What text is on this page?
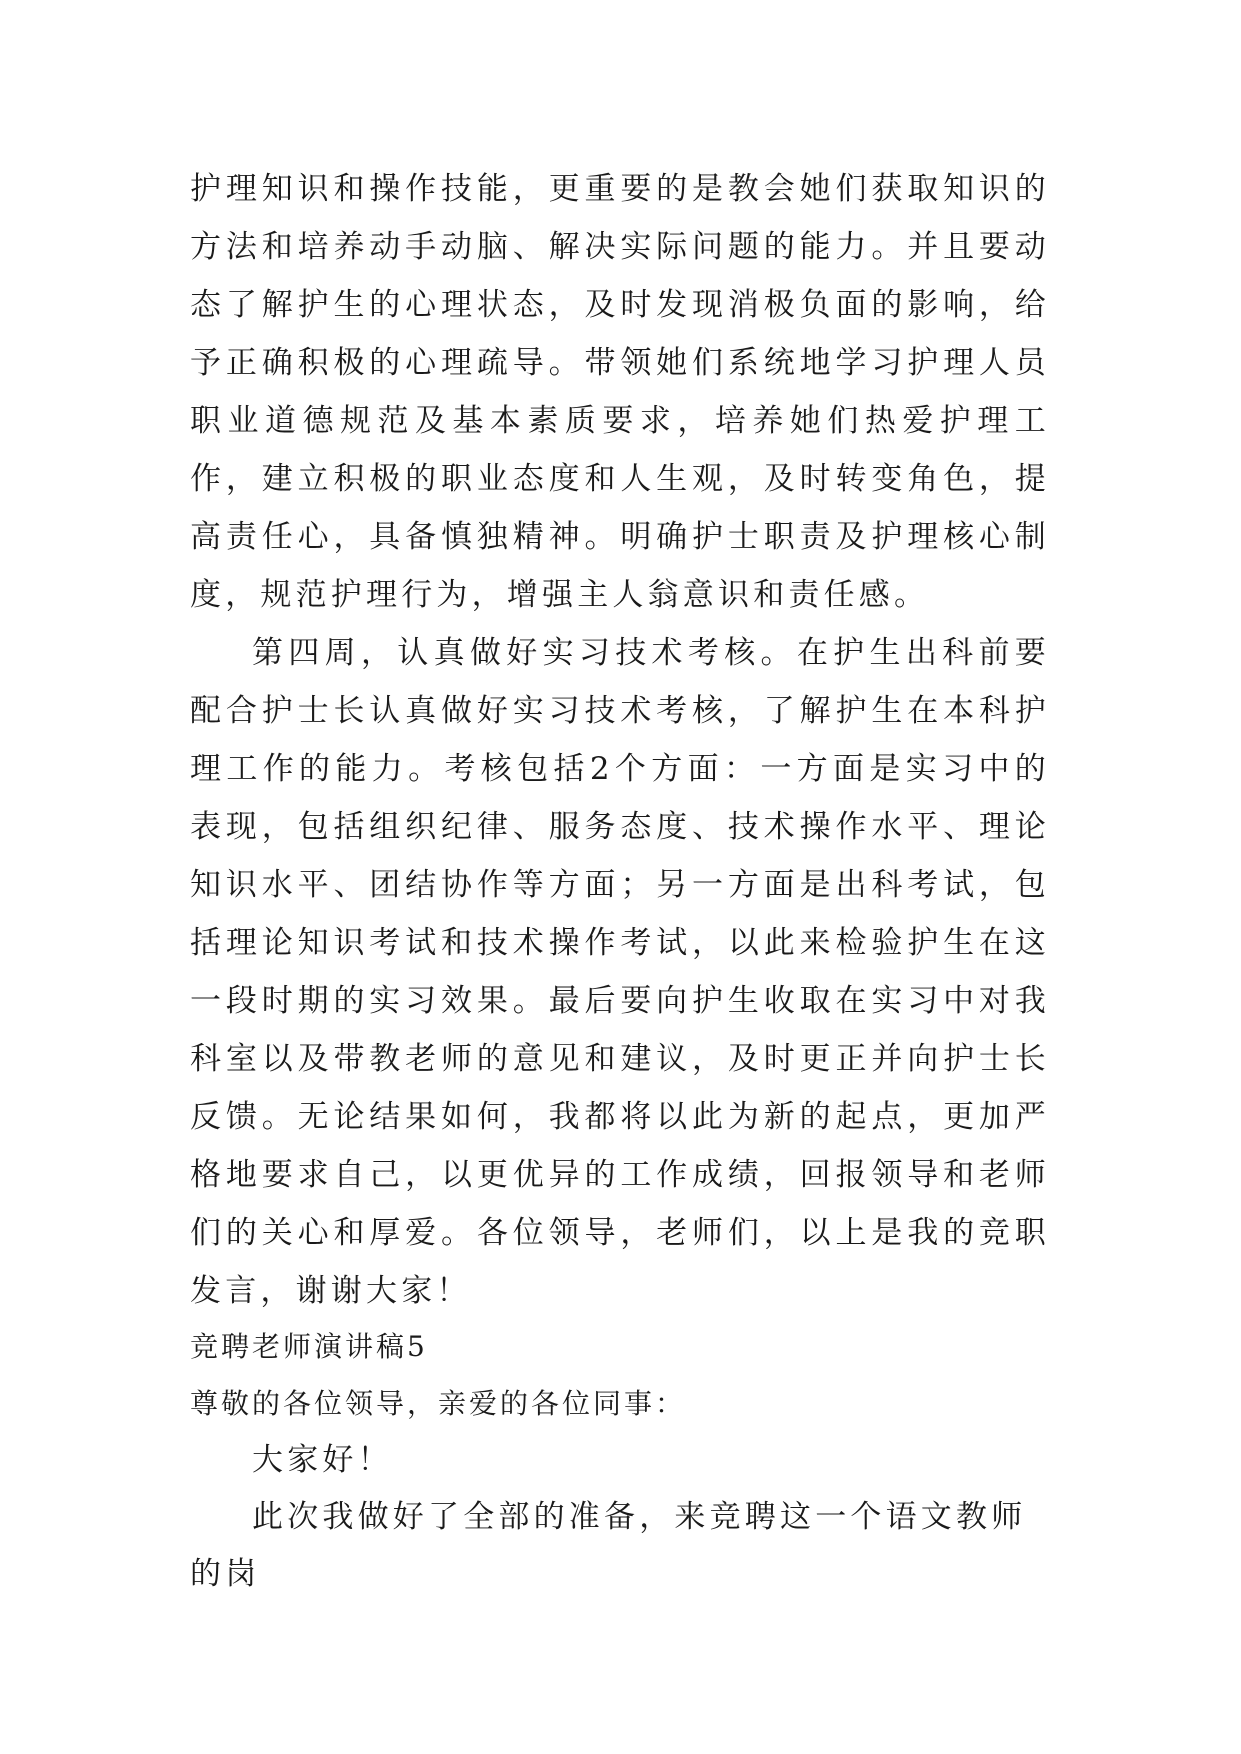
护理知识和操作技能，更重要的是教会她们获取知识的方法和培养动手动脑、解决实际问题的能力。并且要动态了解护生的心理状态，及时发现消极负面的影响，给予正确积极的心理疏导。带领她们系统地学习护理人员职业道德规范及基本素质要求，培养她们热爱护理工作，建立积极的职业态度和人生观，及时转变角色，提高责任心，具备慎独精神。明确护士职责及护理核心制度，规范护理行为，增强主人翁意识和责任感。

第四周，认真做好实习技术考核。在护生出科前要配合护士长认真做好实习技术考核，了解护生在本科护理工作的能力。考核包括2个方面：一方面是实习中的表现，包括组织纪律、服务态度、技术操作水平、理论知识水平、团结协作等方面；另一方面是出科考试，包括理论知识考试和技术操作考试，以此来检验护生在这一段时期的实习效果。最后要向护生收取在实习中对我科室以及带教老师的意见和建议，及时更正并向护士长反馈。无论结果如何，我都将以此为新的起点，更加严格地要求自己，以更优异的工作成绩，回报领导和老师们的关心和厚爱。各位领导，老师们，以上是我的竞职发言，谢谢大家！

竞聘老师演讲稿5

尊敬的各位领导，亲爱的各位同事：

大家好！

此次我做好了全部的准备，来竞聘这一个语文教师的岗
